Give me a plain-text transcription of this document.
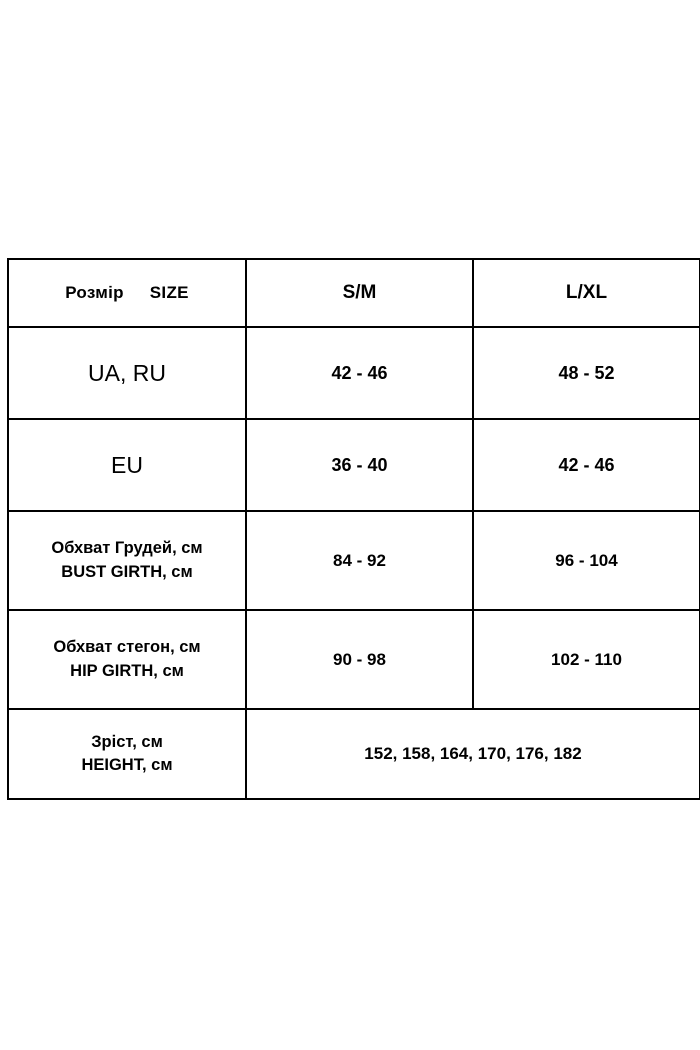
Розмір SIZE	S/M	L/XL
UA, RU	42 - 46	48 - 52
EU	36 - 40	42 - 46

Обхват Грудей, см
BUST GIRTH, см	84 - 92	96 - 104

Обхват стегон, см
HIP GIRTH, см	90 - 98	102 - 110

Зріст, см
HEIGHT, см	152, 158, 164, 170, 176, 182	
